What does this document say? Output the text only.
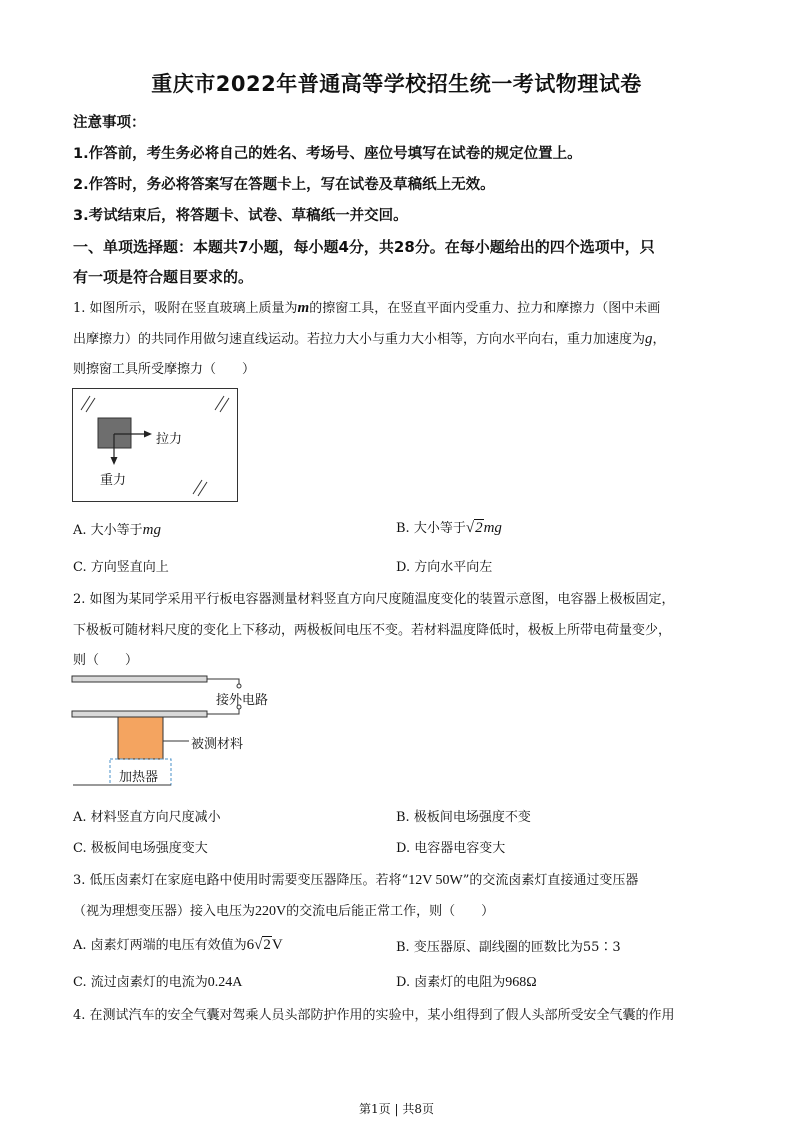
重庆市2022年普通高等学校招生统一考试物理试卷
注意事项：
1.作答前，考生务必将自己的姓名、考场号、座位号填写在试卷的规定位置上。
2.作答时，务必将答案写在答题卡上，写在试卷及草稿纸上无效。
3.考试结束后，将答题卡、试卷、草稿纸一并交回。
一、单项选择题：本题共7小题，每小题4分，共28分。在每小题给出的四个选项中，只
有一项是符合题目要求的。
1. 如图所示，吸附在竖直玻璃上质量为m的擦窗工具，在竖直平面内受重力、拉力和摩擦力（图中未画
出摩擦力）的共同作用做匀速直线运动。若拉力大小与重力大小相等，方向水平向右，重力加速度为g，
则擦窗工具所受摩擦力（　　）
拉力
重力
A. 大小等于mg	B. 大小等于√2mg
C. 方向竖直向上	D. 方向水平向左
2. 如图为某同学采用平行板电容器测量材料竖直方向尺度随温度变化的装置示意图，电容器上极板固定，
下极板可随材料尺度的变化上下移动，两极板间电压不变。若材料温度降低时，极板上所带电荷量变少，
则（　　）
接外电路
被测材料
加热器
A. 材料竖直方向尺度减小	B. 极板间电场强度不变
C. 极板间电场强度变大	D. 电容器电容变大
3. 低压卤素灯在家庭电路中使用时需要变压器降压。若将“12V 50W”的交流卤素灯直接通过变压器
（视为理想变压器）接入电压为220V的交流电后能正常工作，则（　　）
A. 卤素灯两端的电压有效值为6√2V	B. 变压器原、副线圈的匝数比为55∶3
C. 流过卤素灯的电流为0.24A	D. 卤素灯的电阻为968Ω
4. 在测试汽车的安全气囊对驾乘人员头部防护作用的实验中，某小组得到了假人头部所受安全气囊的作用
第1页 | 共8页
